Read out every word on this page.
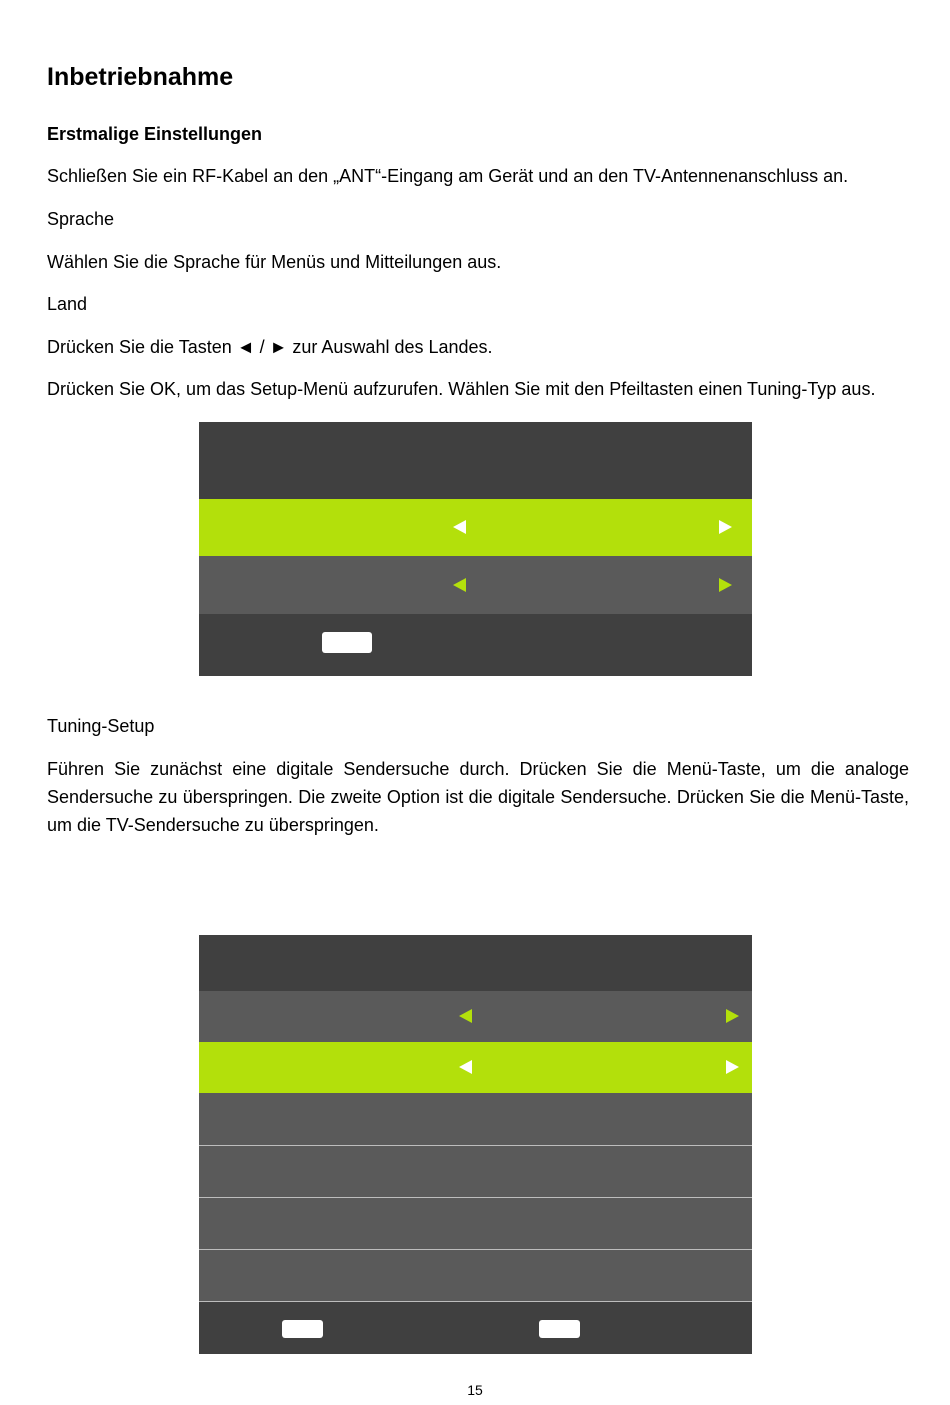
Inbetriebnahme
Erstmalige Einstellungen

Schließen Sie ein RF-Kabel an den „ANT“-Eingang am Gerät und an den TV-Antennenanschluss an.

Sprache

Wählen Sie die Sprache für Menüs und Mitteilungen aus.

Land

Drücken Sie die Tasten ◄ / ► zur Auswahl des Landes.

Drücken Sie OK, um das Setup-Menü aufzurufen. Wählen Sie mit den Pfeiltasten einen Tuning-Typ aus.

Tuning-Setup

Führen Sie zunächst eine digitale Sendersuche durch. Drücken Sie die Menü-Taste, um die analoge Sendersuche zu überspringen. Die zweite Option ist die digitale Sendersuche. Drücken Sie die Menü-Taste, um die TV-Sendersuche zu überspringen.

15
